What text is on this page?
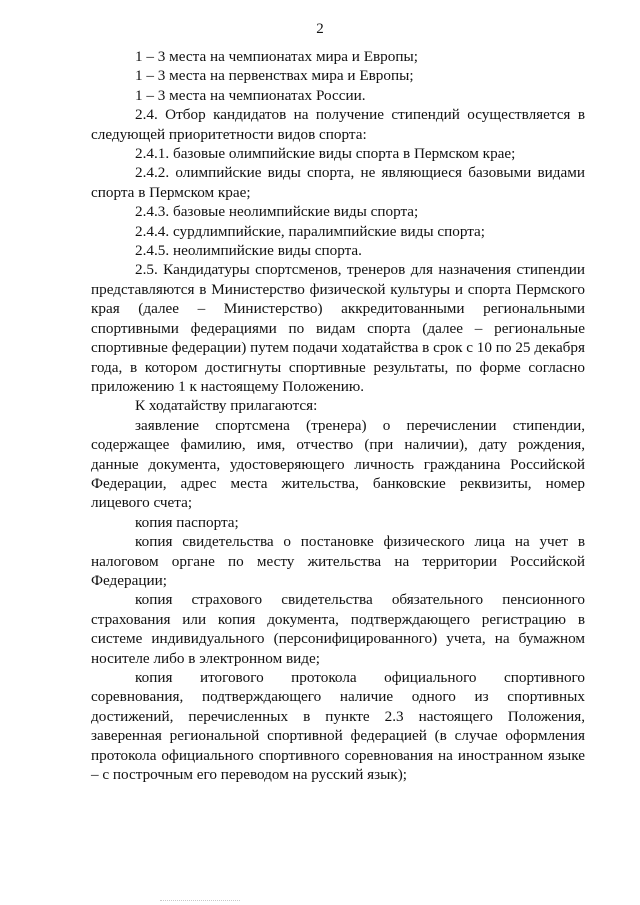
2

1 – 3 места на чемпионатах мира и Европы;

1 – 3 места на первенствах мира и Европы;

1 – 3 места на чемпионатах России.

2.4. Отбор кандидатов на получение стипендий осуществляется в следующей приоритетности видов спорта:

2.4.1. базовые олимпийские виды спорта в Пермском крае;

2.4.2. олимпийские виды спорта, не являющиеся базовыми видами спорта в Пермском крае;

2.4.3. базовые неолимпийские виды спорта;

2.4.4. сурдлимпийские, паралимпийские виды спорта;

2.4.5. неолимпийские виды спорта.

2.5. Кандидатуры спортсменов, тренеров для назначения стипендии представляются в Министерство физической культуры и спорта Пермского края (далее – Министерство) аккредитованными региональными спортивными федерациями по видам спорта (далее – региональные спортивные федерации) путем подачи ходатайства в срок с 10 по 25 декабря года, в котором достигнуты спортивные результаты, по форме согласно приложению 1 к настоящему Положению.

К ходатайству прилагаются:

заявление спортсмена (тренера) о перечислении стипендии, содержащее фамилию, имя, отчество (при наличии), дату рождения, данные документа, удостоверяющего личность гражданина Российской Федерации, адрес места жительства, банковские реквизиты, номер лицевого счета;

копия паспорта;

копия свидетельства о постановке физического лица на учет в налоговом органе по месту жительства на территории Российской Федерации;

копия страхового свидетельства обязательного пенсионного страхования или копия документа, подтверждающего регистрацию в системе индивидуального (персонифицированного) учета, на бумажном носителе либо в электронном виде;

копия итогового протокола официального спортивного соревнования, подтверждающего наличие одного из спортивных достижений, перечисленных в пункте 2.3 настоящего Положения, заверенная региональной спортивной федерацией (в случае оформления протокола официального спортивного соревнования на иностранном языке – с построчным его переводом на русский язык);
